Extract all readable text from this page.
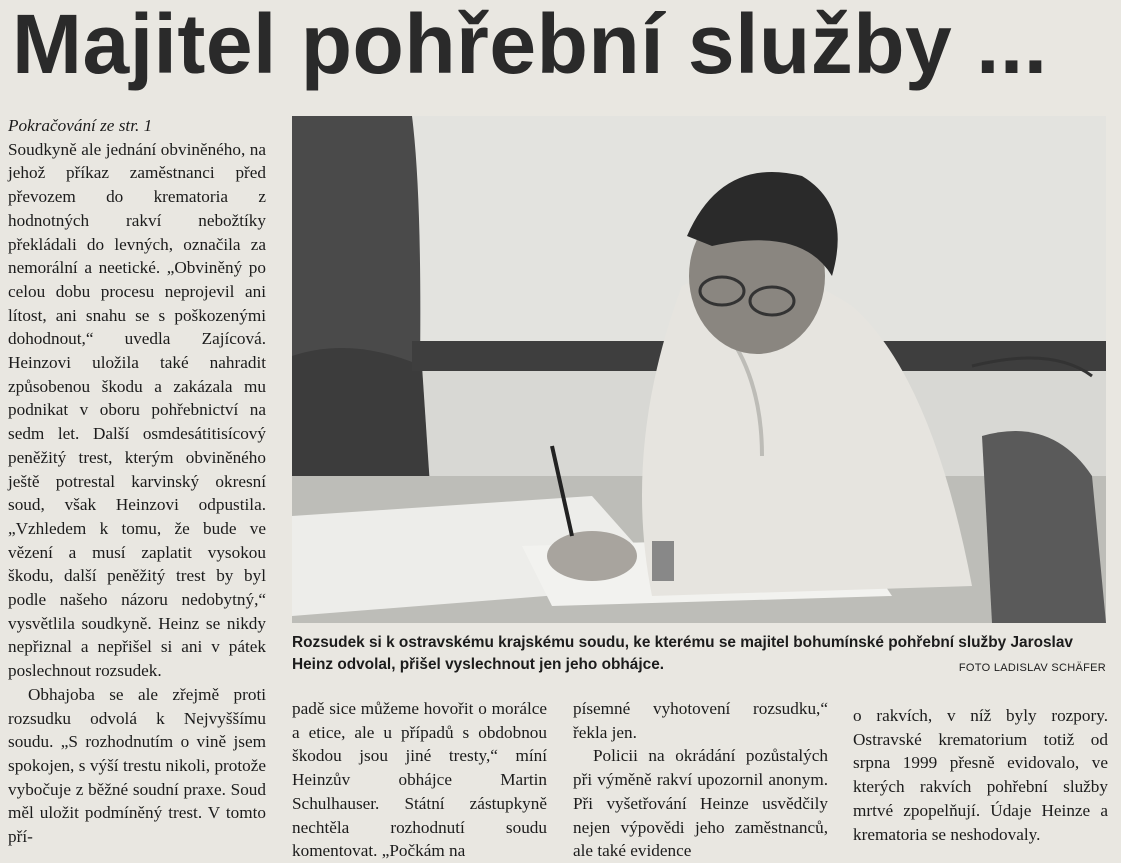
Majitel pohřební služby ...

Pokračování ze str. 1

Soudkyně ale jednání obviněného, na jehož příkaz zaměstnanci před převozem do krematoria z hodnotných rakví nebožtíky překládali do levných, označila za nemorální a neetické. „Obviněný po celou dobu procesu neprojevil ani lítost, ani snahu se s poškozenými dohodnout,“ uvedla Zajícová. Heinzovi uložila také nahradit způsobenou škodu a zakázala mu podnikat v oboru pohřebnictví na sedm let. Další osmdesátitisícový peněžitý trest, kterým obviněného ještě potrestal karvinský okresní soud, však Heinzovi odpustila. „Vzhledem k tomu, že bude ve vězení a musí zaplatit vysokou škodu, další peněžitý trest by byl podle našeho názoru nedobytný,“ vysvětlila soudkyně. Heinz se nikdy nepřiznal a nepřišel si ani v pátek poslechnout rozsudek.

Obhajoba se ale zřejmě proti rozsudku odvolá k Nejvyššímu soudu. „S rozhodnutím o vině jsem spokojen, s výší trestu nikoli, protože vybočuje z běžné soudní praxe. Soud měl uložit podmíněný trest. V tomto pří-

Rozsudek si k ostravskému krajskému soudu, ke kterému se majitel bohumínské pohřební služby Jaroslav Heinz odvolal, přišel vyslechnout jen jeho obhájce.	FOTO LADISLAV SCHÄFER

padě sice můžeme hovořit o morálce a etice, ale u případů s obdobnou škodou jsou jiné tresty,“ míní Heinzův obhájce Martin Schulhauser. Státní zástupkyně nechtěla rozhodnutí soudu komentovat. „Počkám na

písemné vyhotovení rozsudku,“ řekla jen.

Policii na okrádání pozůstalých při výměně rakví upozornil anonym. Při vyšetřování Heinze usvědčily nejen výpovědi jeho zaměstnanců, ale také evidence

o rakvích, v níž byly rozpory. Ostravské krematorium totiž od srpna 1999 přesně evidovalo, ve kterých rakvích pohřební služby mrtvé zpopelňují. Údaje Heinze a krematoria se neshodovaly.
